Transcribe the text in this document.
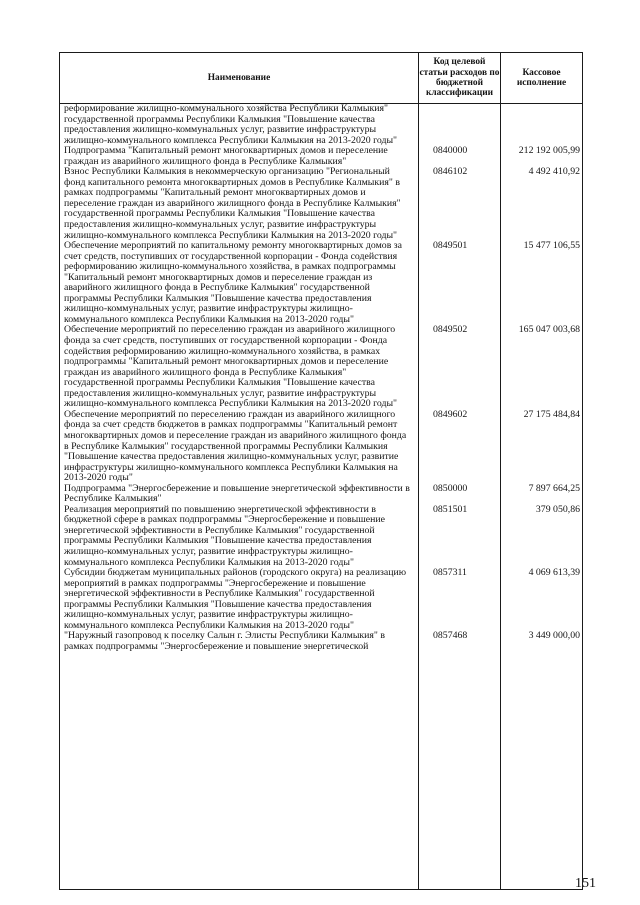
Наименование
Код целевой статьи расходов по бюджетной классификации
Кассовое исполнение
реформирование жилищно-коммунального хозяйства Республики Калмыкия" государственной программы Республики Калмыкия "Повышение качества предоставления жилищно-коммунальных услуг, развитие инфраструктуры жилищно-коммунального комплекса Республики Калмыкия на 2013-2020 годы"
Подпрограмма "Капитальный ремонт многоквартирных домов и переселение граждан из аварийного жилищного фонда в Республике Калмыкия"
0840000	212 192 005,99
Взнос Республики Калмыкия в некоммерческую организацию "Региональный фонд капитального ремонта многоквартирных домов в Республике Калмыкия" в рамках подпрограммы "Капитальный ремонт многоквартирных домов и переселение граждан из аварийного жилищного фонда в Республике Калмыкия" государственной программы Республики Калмыкия "Повышение качества предоставления жилищно-коммунальных услуг, развитие инфраструктуры жилищно-коммунального комплекса Республики Калмыкия на 2013-2020 годы"
0846102	4 492 410,92
Обеспечение мероприятий по капитальному ремонту многоквартирных домов за счет средств, поступивших от государственной корпорации - Фонда содействия реформированию жилищно-коммунального хозяйства, в рамках подпрограммы "Капитальный ремонт многоквартирных домов и переселение граждан из аварийного жилищного фонда в Республике Калмыкия" государственной программы Республики Калмыкия "Повышение качества предоставления жилищно-коммунальных услуг, развитие инфраструктуры жилищно-коммунального комплекса Республики Калмыкия на 2013-2020 годы"
0849501	15 477 106,55
Обеспечение мероприятий по переселению граждан из аварийного жилищного фонда за счет средств, поступивших от государственной корпорации - Фонда содействия реформированию жилищно-коммунального хозяйства, в рамках подпрограммы "Капитальный ремонт многоквартирных домов и переселение граждан из аварийного жилищного фонда в Республике Калмыкия" государственной программы Республики Калмыкия "Повышение качества предоставления жилищно-коммунальных услуг, развитие инфраструктуры жилищно-коммунального комплекса Республики Калмыкия на 2013-2020 годы"
0849502	165 047 003,68
Обеспечение мероприятий по переселению граждан из аварийного жилищного фонда за счет средств бюджетов в рамках подпрограммы "Капитальный ремонт многоквартирных домов и переселение граждан из аварийного жилищного фонда в Республике Калмыкия" государственной программы Республики Калмыкия "Повышение качества предоставления жилищно-коммунальных услуг, развитие инфраструктуры жилищно-коммунального комплекса Республики Калмыкия на 2013-2020 годы"
0849602	27 175 484,84
Подпрограмма "Энергосбережение и повышение энергетической эффективности в Республике Калмыкия"
0850000	7 897 664,25
Реализация мероприятий по повышению энергетической эффективности в бюджетной сфере в рамках подпрограммы "Энергосбережение и повышение энергетической эффективности в Республике Калмыкия" государственной программы Республики Калмыкия "Повышение качества предоставления жилищно-коммунальных услуг, развитие инфраструктуры жилищно-коммунального комплекса Республики Калмыкия на 2013-2020 годы"
0851501	379 050,86
Субсидии бюджетам муниципальных районов (городского округа) на реализацию мероприятий в рамках подпрограммы "Энергосбережение и повышение энергетической эффективности в Республике Калмыкия" государственной программы Республики Калмыкия "Повышение качества предоставления жилищно-коммунальных услуг, развитие инфраструктуры жилищно-коммунального комплекса Республики Калмыкия на 2013-2020 годы"
0857311	4 069 613,39
"Наружный газопровод к поселку Салын г. Элисты Республики Калмыкия" в рамках подпрограммы "Энергосбережение и повышение энергетической
0857468	3 449 000,00
151
